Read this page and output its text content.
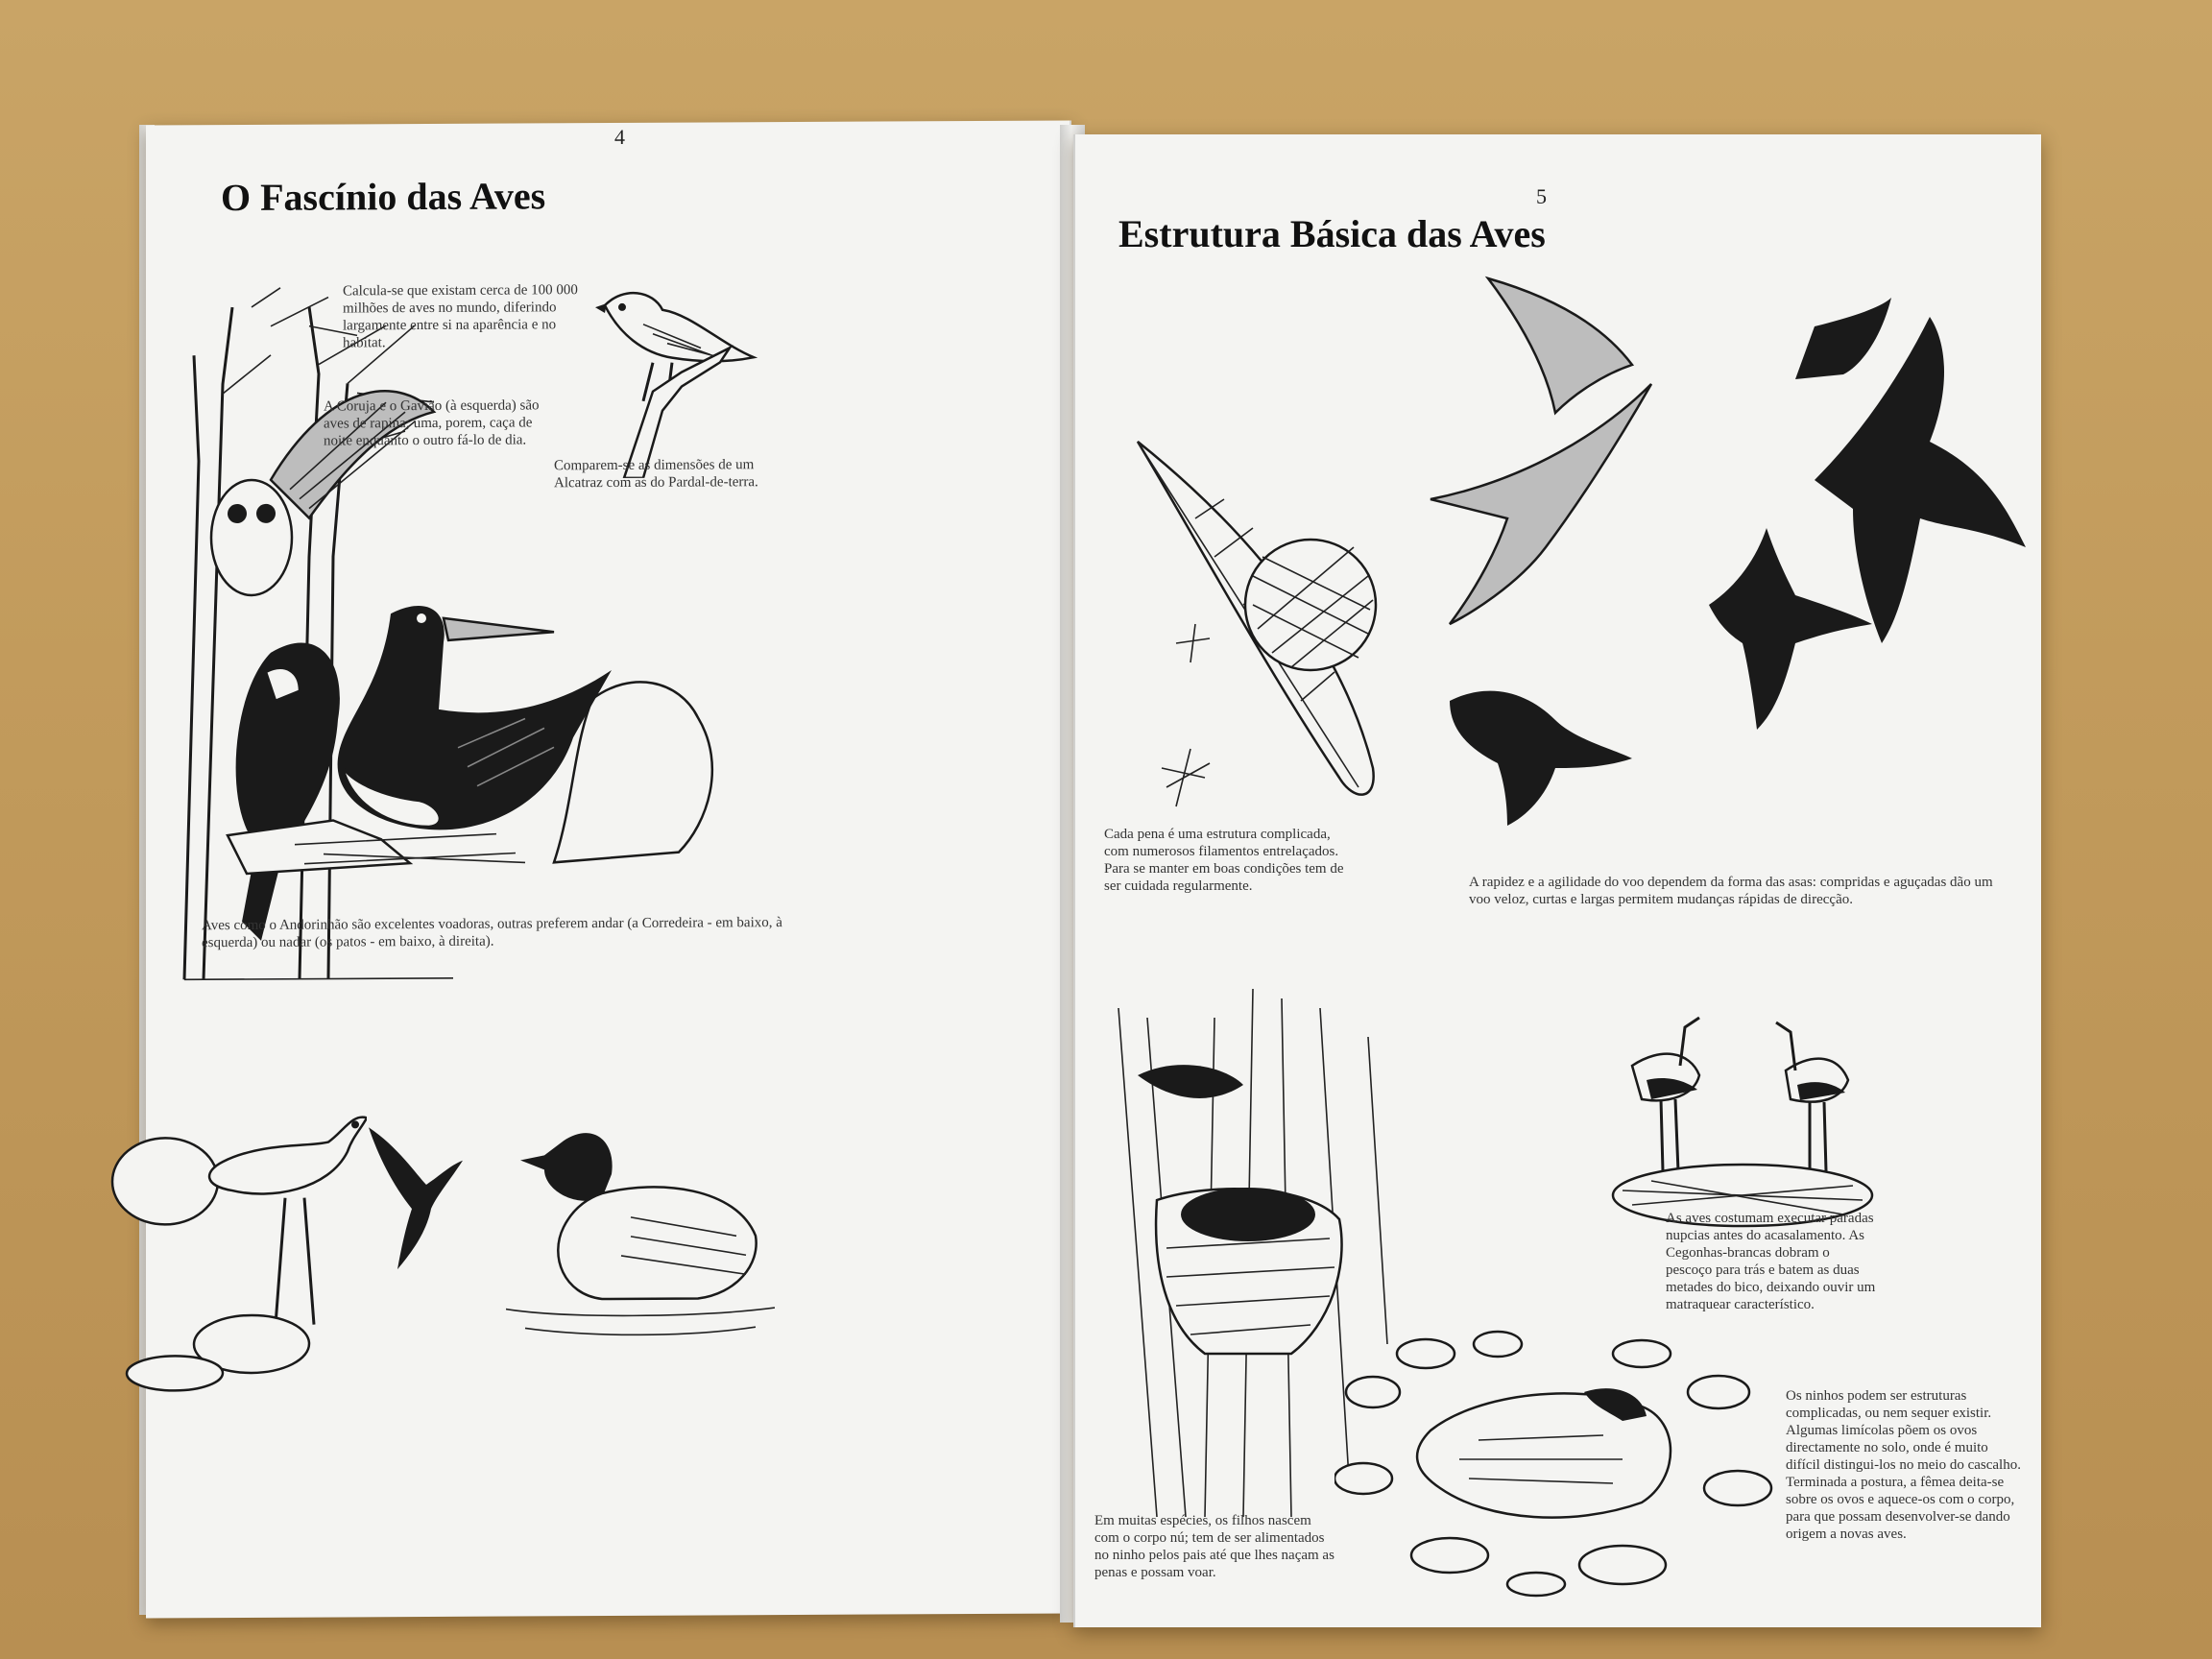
4
O Fascínio das Aves

Calcula-se que existam cerca de 100 000 milhões de aves no mundo, diferindo largamente entre si na aparência e no habitat.

A Coruja e o Gavião (à esquerda) são aves de rapina; uma, porem, caça de noite enquanto o outro fá-lo de dia.

Comparem-se as dimensões de um Alcatraz com as do Pardal-de-terra.

Aves como o Andorinhão são excelentes voadoras, outras preferem andar (a Corredeira - em baixo, à esquerda) ou nadar (os patos - em baixo, à direita).

5
Estrutura Básica das Aves

Cada pena é uma estrutura complicada, com numerosos filamentos entrelaçados. Para se manter em boas condições tem de ser cuidada regularmente.	A rapidez e a agilidade do voo dependem da forma das asas: compridas e aguçadas dão um voo veloz, curtas e largas permitem mudanças rápidas de direcção.

As aves costumam executar paradas nupcias antes do acasalamento. As Cegonhas-brancas dobram o pescoço para trás e batem as duas metades do bico, deixando ouvir um matraquear característico.

Os ninhos podem ser estruturas complicadas, ou nem sequer existir. Algumas limícolas põem os ovos directamente no solo, onde é muito difícil distingui-los no meio do cascalho. Terminada a postura, a fêmea deita-se sobre os ovos e aquece-os com o corpo, para que possam desenvolver-se dando origem a novas aves.

Em muitas espécies, os filhos nascem com o corpo nú; tem de ser alimentados no ninho pelos pais até que lhes naçam as penas e possam voar.
